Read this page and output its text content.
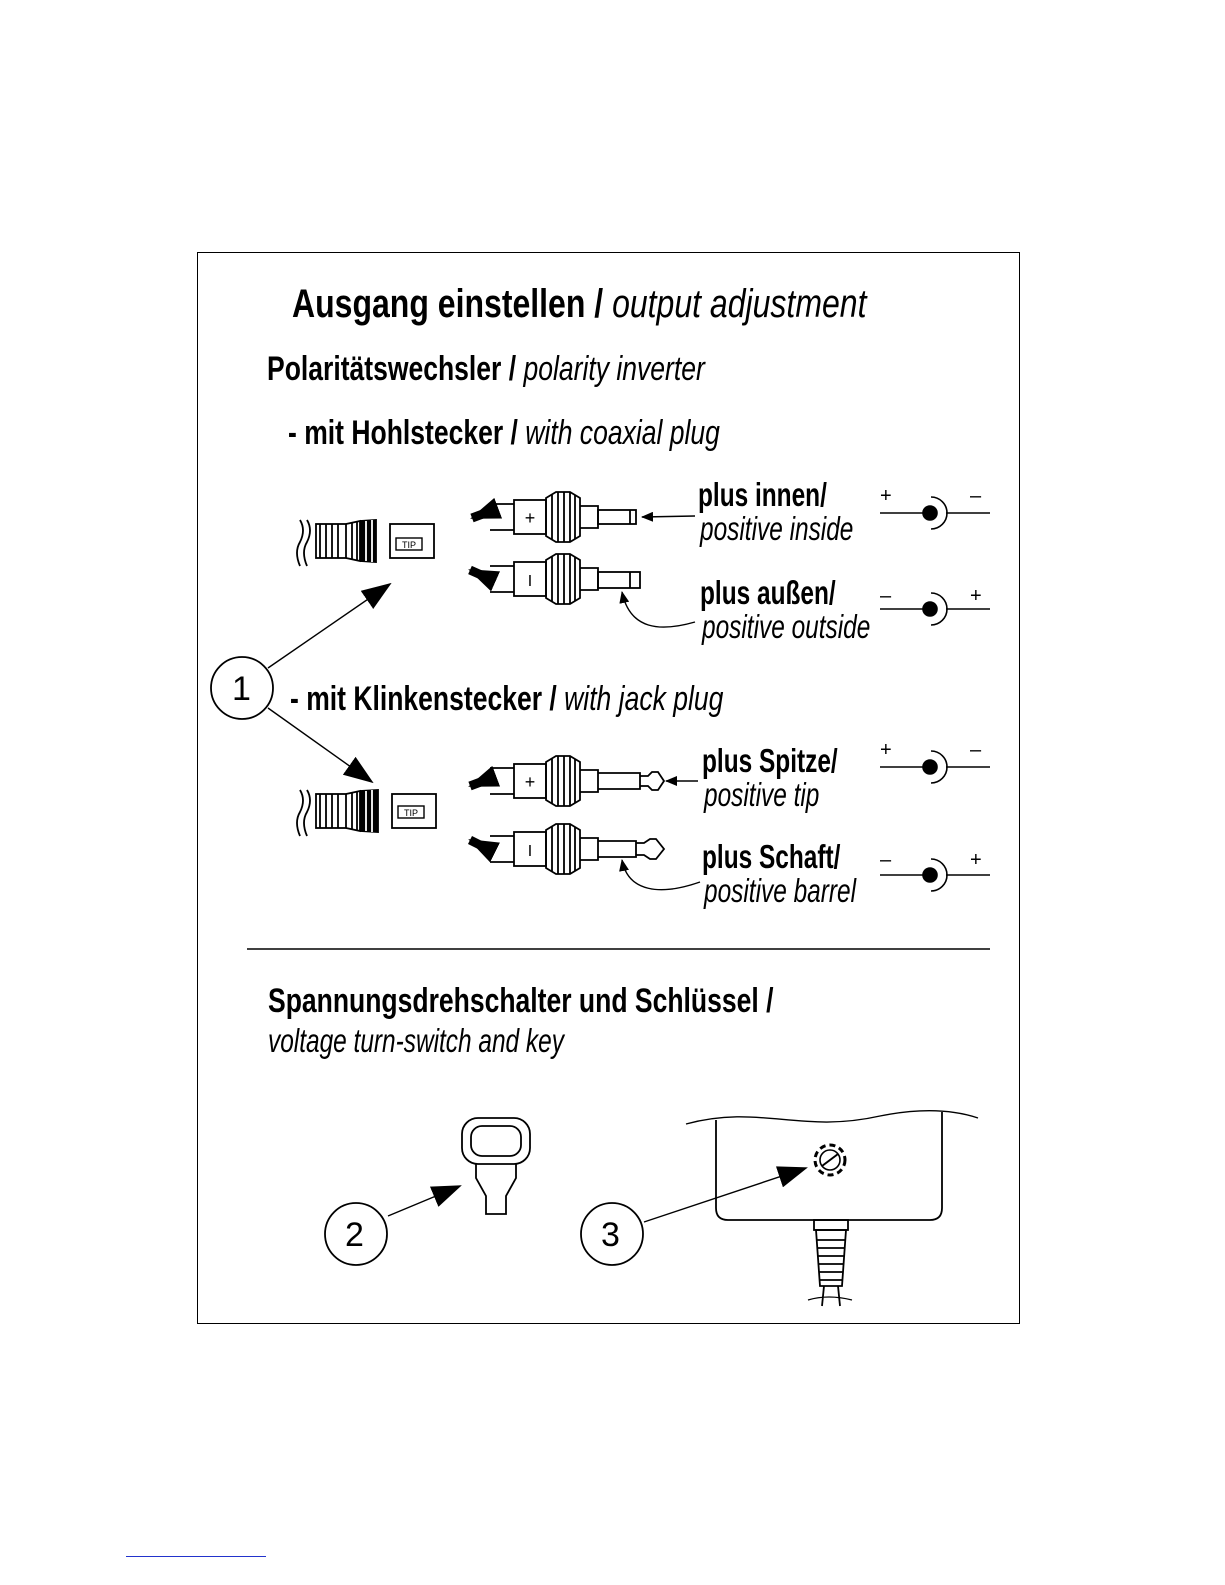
Ausgang einstellen / output adjustment
Polaritätswechsler / polarity inverter
- mit Hohlstecker / with coaxial plug
plus innen/
positive inside
plus außen/
positive outside
- mit Klinkenstecker / with jack plug
plus Spitze/
positive tip
plus Schaft/
positive barrel
Spannungsdrehschalter und Schlüssel /
voltage turn-switch and key
TIP
TIP
+
I
+
I
1
+	–
–	+
+	–
–	+
2	3
